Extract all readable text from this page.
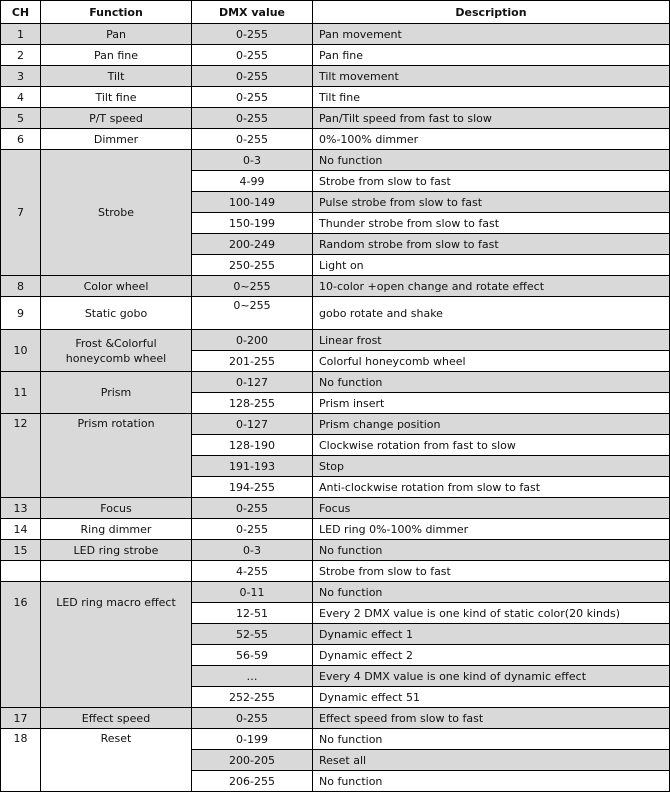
CH	Function	DMX value	Description
1	Pan	0-255	Pan movement
2	Pan fine	0-255	Pan fine
3	Tilt	0-255	Tilt movement
4	Tilt fine	0-255	Tilt fine
5	P/T speed	0-255	Pan/Tilt speed from fast to slow
6	Dimmer	0-255	0%-100% dimmer
7	Strobe	0-3	No function
		4-99	Strobe from slow to fast
		100-149	Pulse strobe from slow to fast
		150-199	Thunder strobe from slow to fast
		200-249	Random strobe from slow to fast
		250-255	Light on
8	Color wheel	0~255	10-color +open change and rotate effect
9	Static gobo	0~255	gobo rotate and shake
10	Frost &Colorful honeycomb wheel	0-200	Linear frost
		201-255	Colorful honeycomb wheel
11	Prism	0-127	No function
		128-255	Prism insert
12	Prism rotation	0-127	Prism change position
		128-190	Clockwise rotation from fast to slow
		191-193	Stop
		194-255	Anti-clockwise rotation from slow to fast
13	Focus	0-255	Focus
14	Ring dimmer	0-255	LED ring 0%-100% dimmer
15	LED ring strobe	0-3	No function
		4-255	Strobe from slow to fast
16	LED ring macro effect	0-11	No function
		12-51	Every 2 DMX value is one kind of static color(20 kinds)
		52-55	Dynamic effect 1
		56-59	Dynamic effect 2
		…	Every 4 DMX value is one kind of dynamic effect
		252-255	Dynamic effect 51
17	Effect speed	0-255	Effect speed from slow to fast
18	Reset	0-199	No function
		200-205	Reset all
		206-255	No function
